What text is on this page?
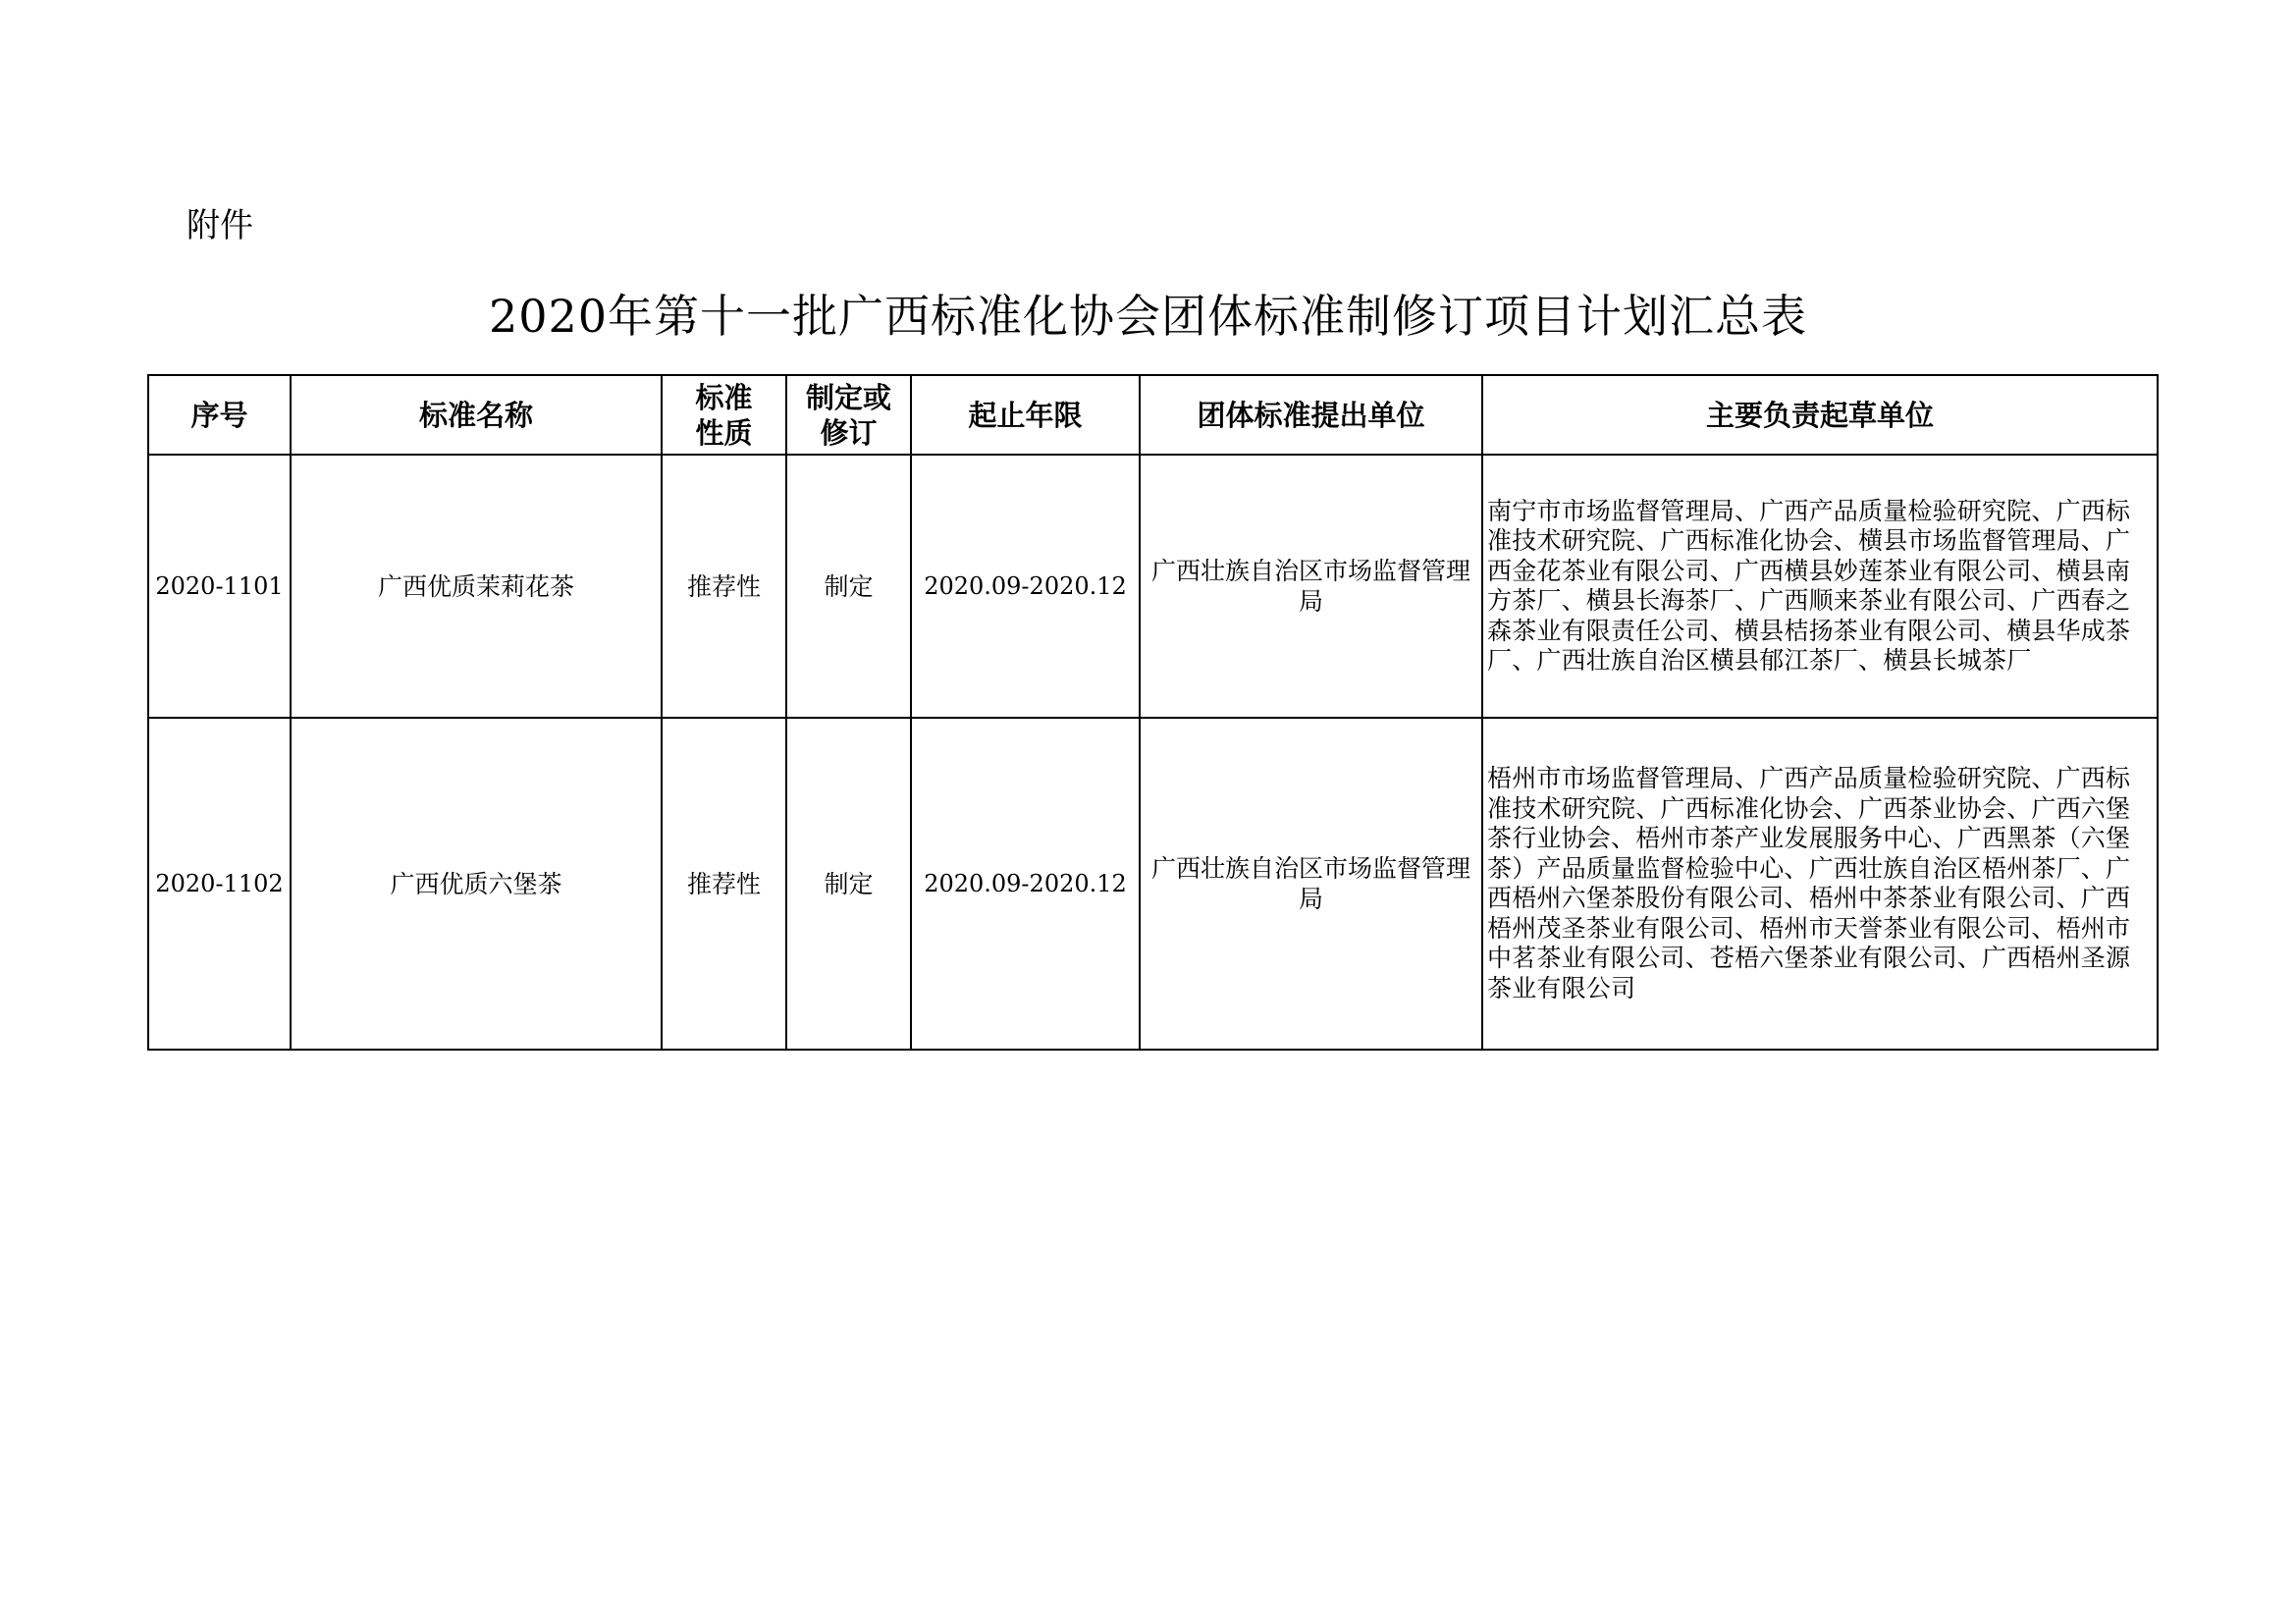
附件
2020年第十一批广西标准化协会团体标准制修订项目计划汇总表
序号	标准名称	标准性质	制定或修订	起止年限	团体标准提出单位	主要负责起草单位
2020-1101	广西优质茉莉花茶	推荐性	制定	2020.09-2020.12	广西壮族自治区市场监督管理局	南宁市市场监督管理局、广西产品质量检验研究院、广西标准技术研究院、广西标准化协会、横县市场监督管理局、广西金花茶业有限公司、广西横县妙莲茶业有限公司、横县南方茶厂、横县长海茶厂、广西顺来茶业有限公司、广西春之森茶业有限责任公司、横县桔扬茶业有限公司、横县华成茶厂、广西壮族自治区横县郁江茶厂、横县长城茶厂
2020-1102	广西优质六堡茶	推荐性	制定	2020.09-2020.12	广西壮族自治区市场监督管理局	梧州市市场监督管理局、广西产品质量检验研究院、广西标准技术研究院、广西标准化协会、广西茶业协会、广西六堡茶行业协会、梧州市茶产业发展服务中心、广西黑茶（六堡茶）产品质量监督检验中心、广西壮族自治区梧州茶厂、广西梧州六堡茶股份有限公司、梧州中茶茶业有限公司、广西梧州茂圣茶业有限公司、梧州市天誉茶业有限公司、梧州市中茗茶业有限公司、苍梧六堡茶业有限公司、广西梧州圣源茶业有限公司
